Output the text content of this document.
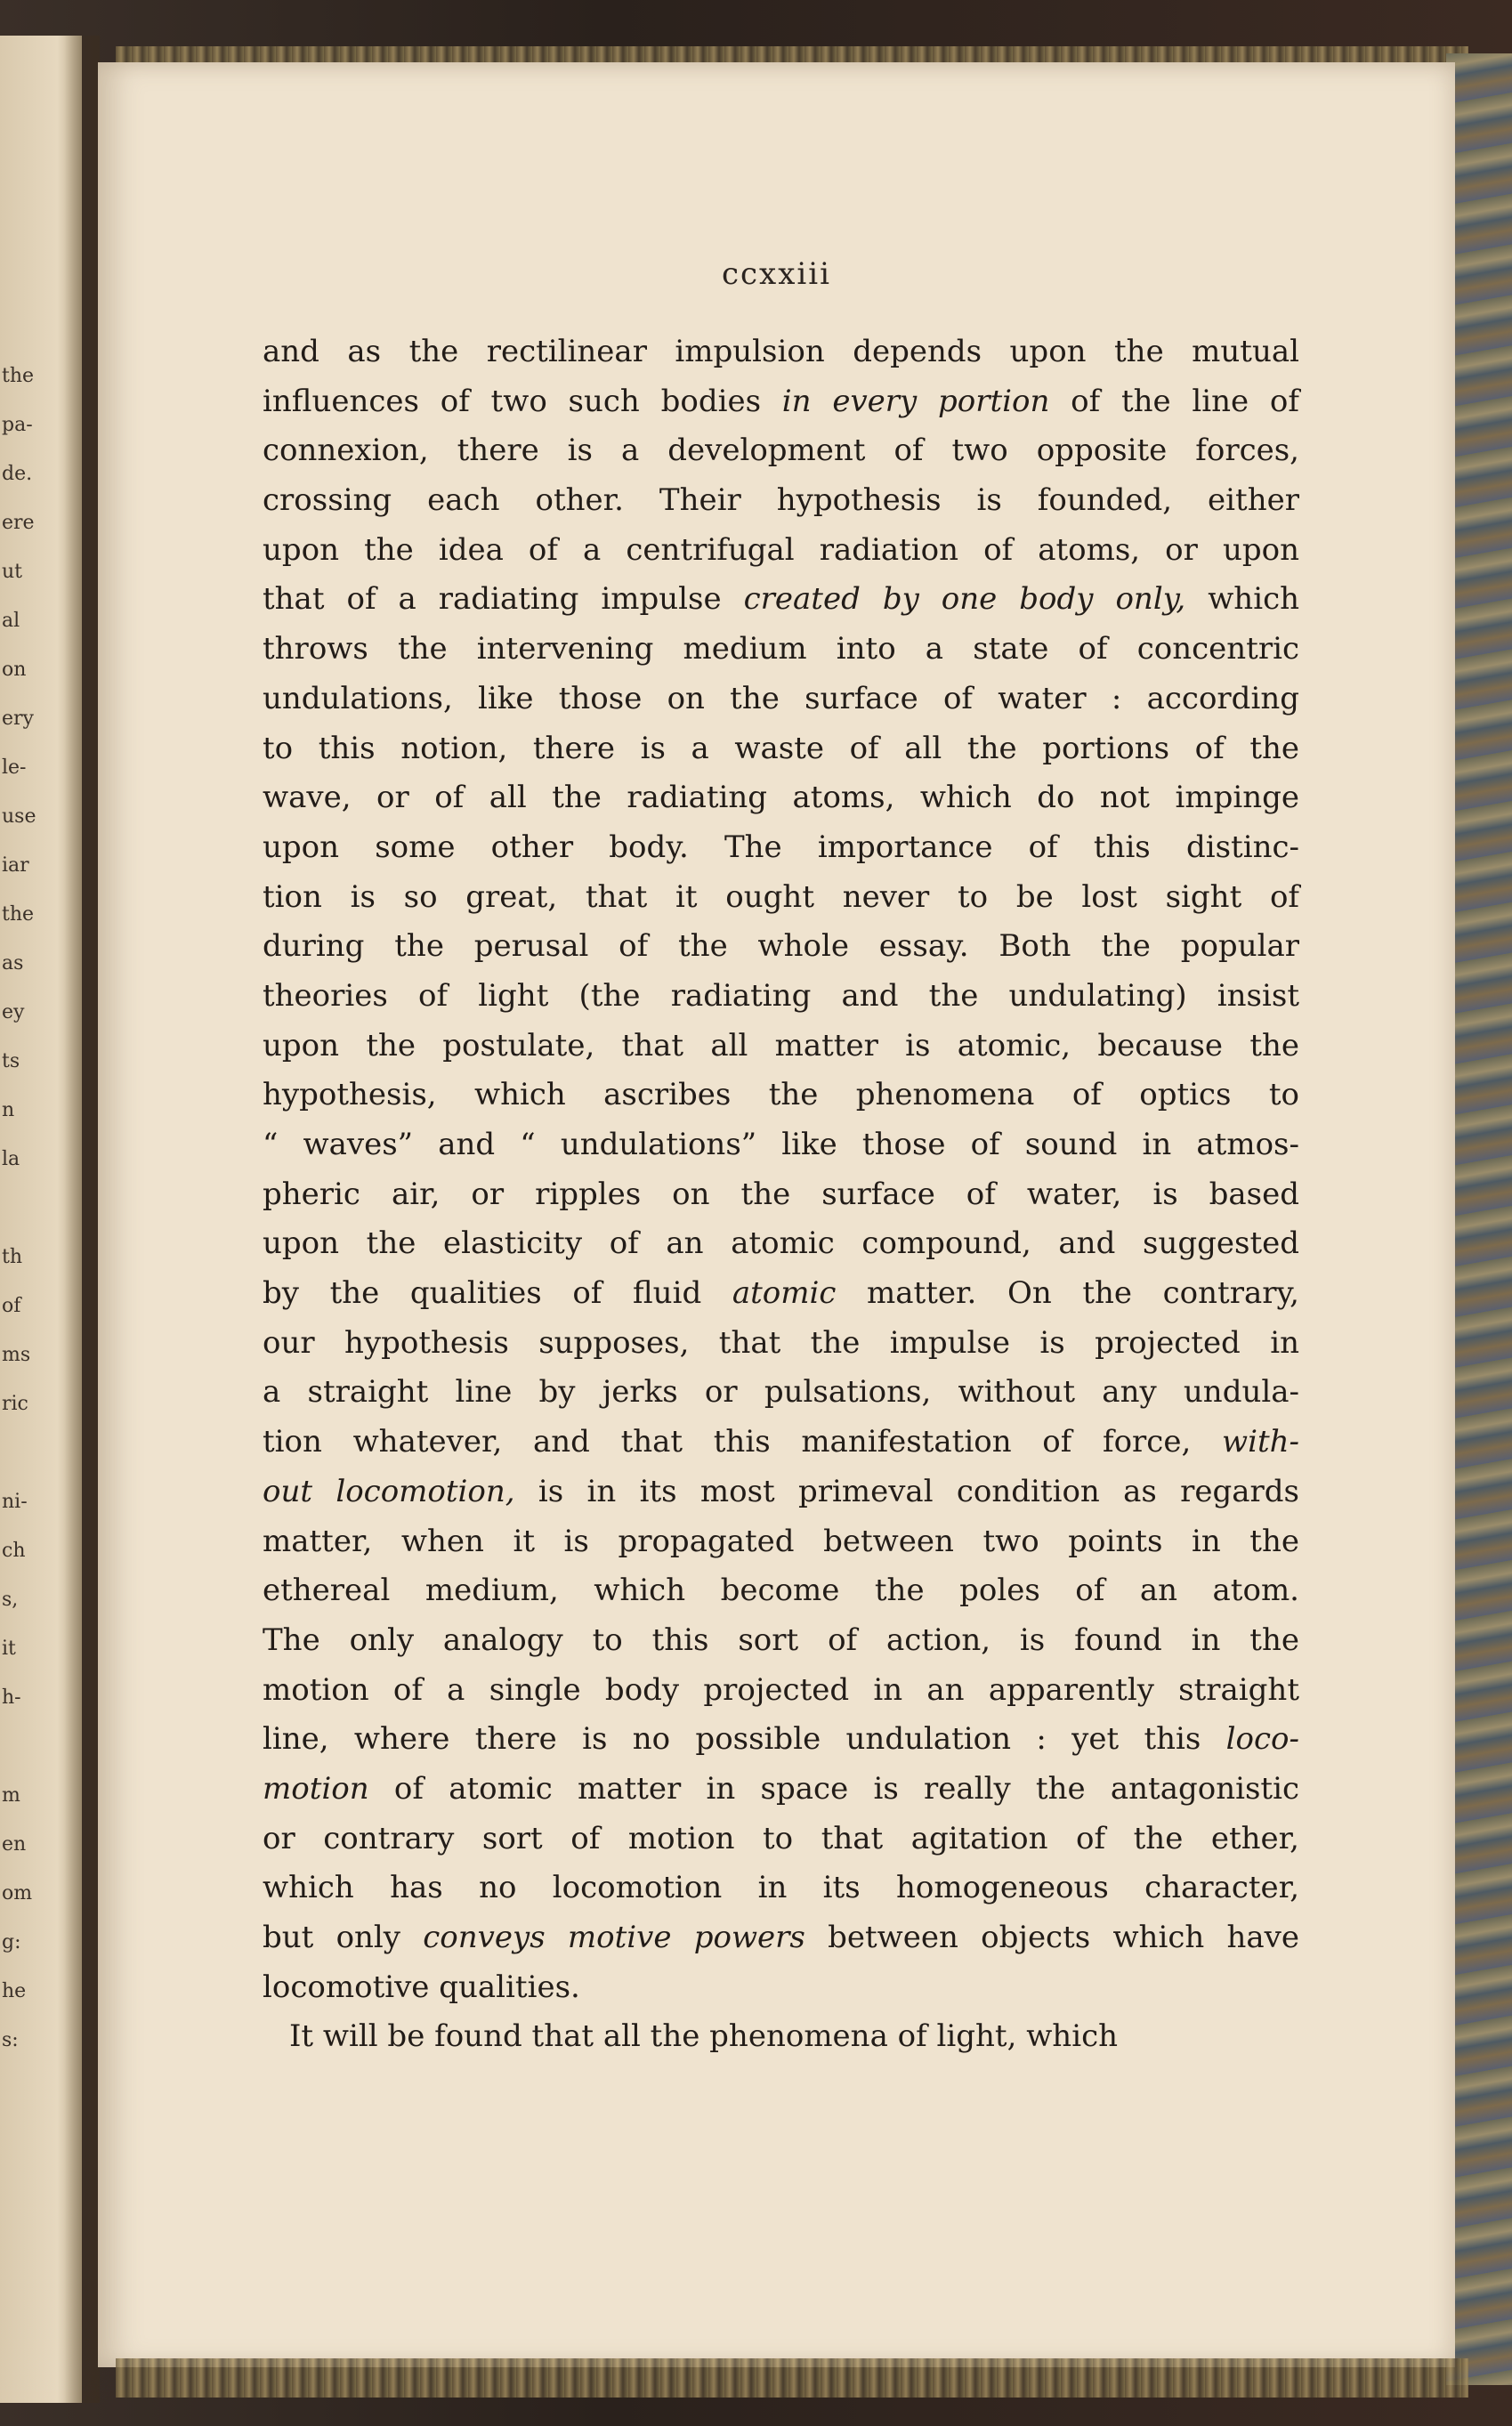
the
pa-
de.
ere
ut
al
on
ery
le-
use
iar
the
as
ey
ts
n
la
th
of
ms
ric
ni-
ch
s,
it
h-
m
en
om
g:
he
s:
ccxxiii
and as the rectilinear impulsion depends upon the mutual
influences of two such bodies in every portion of the line of
connexion, there is a development of two opposite forces,
crossing each other. Their hypothesis is founded, either
upon the idea of a centrifugal radiation of atoms, or upon
that of a radiating impulse created by one body only, which
throws the intervening medium into a state of concentric
undulations, like those on the surface of water : according
to this notion, there is a waste of all the portions of the
wave, or of all the radiating atoms, which do not impinge
upon some other body. The importance of this distinc-
tion is so great, that it ought never to be lost sight of
during the perusal of the whole essay. Both the popular
theories of light (the radiating and the undulating) insist
upon the postulate, that all matter is atomic, because the
hypothesis, which ascribes the phenomena of optics to
“ waves” and “ undulations” like those of sound in atmos-
pheric air, or ripples on the surface of water, is based
upon the elasticity of an atomic compound, and suggested
by the qualities of fluid atomic matter. On the contrary,
our hypothesis supposes, that the impulse is projected in
a straight line by jerks or pulsations, without any undula-
tion whatever, and that this manifestation of force, with-
out locomotion, is in its most primeval condition as regards
matter, when it is propagated between two points in the
ethereal medium, which become the poles of an atom.
The only analogy to this sort of action, is found in the
motion of a single body projected in an apparently straight
line, where there is no possible undulation : yet this loco-
motion of atomic matter in space is really the antagonistic
or contrary sort of motion to that agitation of the ether,
which has no locomotion in its homogeneous character,
but only conveys motive powers between objects which have
locomotive qualities.
It will be found that all the phenomena of light, which
